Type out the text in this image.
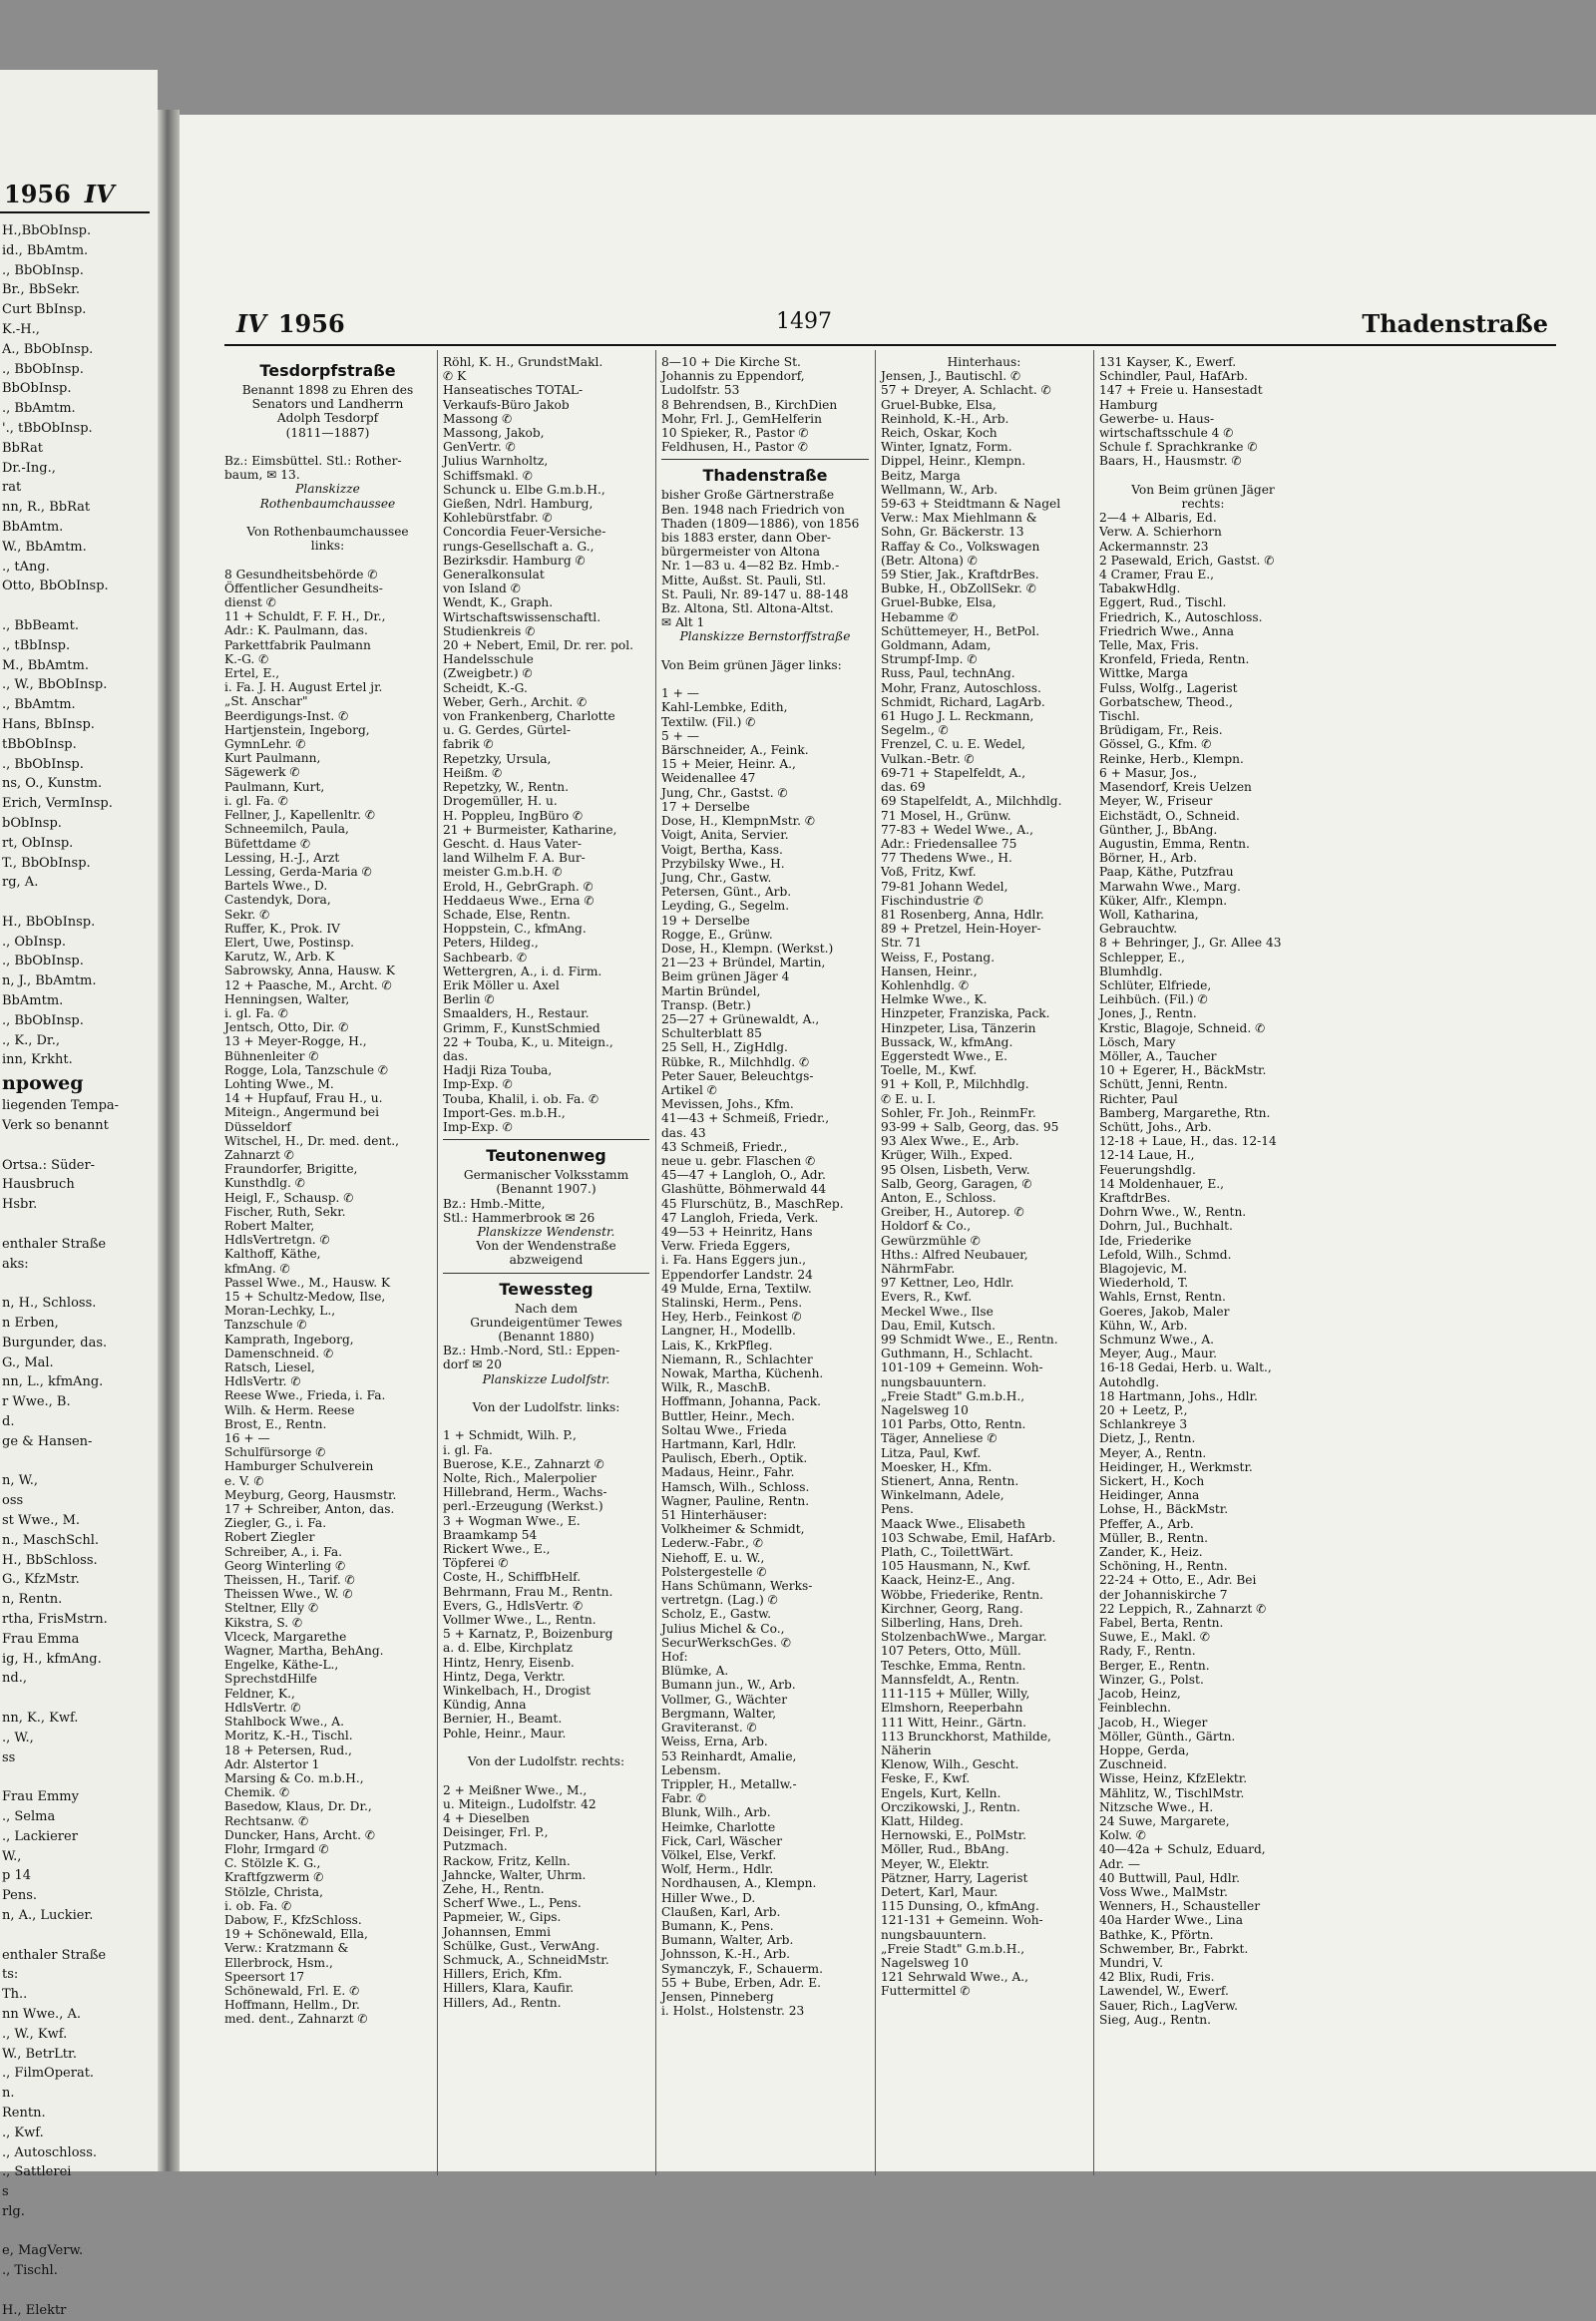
1956 IV
H.,BbObInsp.
id., BbAmtm.
., BbObInsp.
Br., BbSekr.
Curt BbInsp.
K.-H.,
A., BbObInsp.
., BbObInsp.
BbObInsp.
., BbAmtm.
'., tBbObInsp.
BbRat
Dr.-Ing.,
rat
nn, R., BbRat
BbAmtm.
W., BbAmtm.
., tAng.
Otto, BbObInsp.

., BbBeamt.
., tBbInsp.
M., BbAmtm.
., W., BbObInsp.
., BbAmtm.
Hans, BbInsp.
tBbObInsp.
., BbObInsp.
ns, O., Kunstm.
Erich, VermInsp.
bObInsp.
rt, ObInsp.
T., BbObInsp.
rg, A.

H., BbObInsp.
., ObInsp.
., BbObInsp.
n, J., BbAmtm.
BbAmtm.
., BbObInsp.
., K., Dr.,
inn, Krkht.
npoweg
liegenden Tempa-
Verk so benannt

Ortsa.: Süder-
Hausbruch
Hsbr.

enthaler Straße
aks:

n, H., Schloss.
n Erben,
Burgunder, das.
G., Mal.
nn, L., kfmAng.
r Wwe., B.
d.
ge & Hansen-

n, W.,
oss
st Wwe., M.
n., MaschSchl.
H., BbSchloss.
G., KfzMstr.
n, Rentn.
rtha, FrisMstrn.
Frau Emma
ig, H., kfmAng.
nd.,

nn, K., Kwf.
., W.,
ss

Frau Emmy
., Selma
., Lackierer
W.,
p 14
Pens.
n, A., Luckier.

enthaler Straße
ts:
Th..
nn Wwe., A.
., W., Kwf.
W., BetrLtr.
., FilmOperat.
n.
Rentn.
., Kwf.
., Autoschloss.
., Sattlerei
s
rlg.

e, MagVerw.
., Tischl.

H., Elektr
IV 1956	1497	Thadenstraße
Tesdorpfstraße
Benannt 1898 zu Ehren des
Senators und Landherrn
Adolph Tesdorpf
(1811—1887)

Bz.: Eimsbüttel. Stl.: Rother-
baum, ✉ 13.
Planskizze
Rothenbaumchaussee

Von Rothenbaumchaussee
links:

8 Gesundheitsbehörde ✆
Öffentlicher Gesundheits-
dienst ✆
11 + Schuldt, F. F. H., Dr.,
Adr.: K. Paulmann, das.
Parkettfabrik Paulmann
K.-G. ✆
Ertel, E.,
i. Fa. J. H. August Ertel jr.
„St. Anschar"
Beerdigungs-Inst. ✆
Hartjenstein, Ingeborg,
GymnLehr. ✆
Kurt Paulmann,
Sägewerk ✆
Paulmann, Kurt,
i. gl. Fa. ✆
Fellner, J., Kapellenltr. ✆
Schneemilch, Paula,
Büfettdame ✆
Lessing, H.-J., Arzt
Lessing, Gerda-Maria ✆
Bartels Wwe., D.
Castendyk, Dora,
Sekr. ✆
Ruffer, K., Prok. IV
Elert, Uwe, Postinsp.
Karutz, W., Arb. K
Sabrowsky, Anna, Hausw. K
12 + Paasche, M., Archt. ✆
Henningsen, Walter,
i. gl. Fa. ✆
Jentsch, Otto, Dir. ✆
13 + Meyer-Rogge, H.,
Bühnenleiter ✆
Rogge, Lola, Tanzschule ✆
Lohting Wwe., M.
14 + Hupfauf, Frau H., u.
Miteign., Angermund bei
Düsseldorf
Witschel, H., Dr. med. dent.,
Zahnarzt ✆
Fraundorfer, Brigitte,
Kunsthdlg. ✆
Heigl, F., Schausp. ✆
Fischer, Ruth, Sekr.
Robert Malter,
HdlsVertretgn. ✆
Kalthoff, Käthe,
kfmAng. ✆
Passel Wwe., M., Hausw. K
15 + Schultz-Medow, Ilse,
Moran-Lechky, L.,
Tanzschule ✆
Kamprath, Ingeborg,
Damenschneid. ✆
Ratsch, Liesel,
HdlsVertr. ✆
Reese Wwe., Frieda, i. Fa.
Wilh. & Herm. Reese
Brost, E., Rentn.
16 + —
Schulfürsorge ✆
Hamburger Schulverein
e. V. ✆
Meyburg, Georg, Hausmstr.
17 + Schreiber, Anton, das.
Ziegler, G., i. Fa.
Robert Ziegler
Schreiber, A., i. Fa.
Georg Winterling ✆
Theissen, H., Tarif. ✆
Theissen Wwe., W. ✆
Steltner, Elly ✆
Kikstra, S. ✆
Vlceck, Margarethe
Wagner, Martha, BehAng.
Engelke, Käthe-L.,
SprechstdHilfe
Feldner, K.,
HdlsVertr. ✆
Stahlbock Wwe., A.
Moritz, K.-H., Tischl.
18 + Petersen, Rud.,
Adr. Alstertor 1
Marsing & Co. m.b.H.,
Chemik. ✆
Basedow, Klaus, Dr. Dr.,
Rechtsanw. ✆
Duncker, Hans, Archt. ✆
Flohr, Irmgard ✆
C. Stölzle K. G.,
Kraftfgzwerm ✆
Stölzle, Christa,
i. ob. Fa. ✆
Dabow, F., KfzSchloss.
19 + Schönewald, Ella,
Verw.: Kratzmann &
Ellerbrock, Hsm.,
Speersort 17
Schönewald, Frl. E. ✆
Hoffmann, Hellm., Dr.
med. dent., Zahnarzt ✆
Röhl, K. H., GrundstMakl.
✆ K
Hanseatisches TOTAL-
Verkaufs-Büro Jakob
Massong ✆
Massong, Jakob,
GenVertr. ✆
Julius Warnholtz,
Schiffsmakl. ✆
Schunck u. Elbe G.m.b.H.,
Gießen, Ndrl. Hamburg,
Kohlebürstfabr. ✆
Concordia Feuer-Versiche-
rungs-Gesellschaft a. G.,
Bezirksdir. Hamburg ✆
Generalkonsulat
von Island ✆
Wendt, K., Graph.
Wirtschaftswissenschaftl.
Studienkreis ✆
20 + Nebert, Emil, Dr. rer. pol.
Handelsschule
(Zweigbetr.) ✆
Scheidt, K.-G.
Weber, Gerh., Archit. ✆
von Frankenberg, Charlotte
u. G. Gerdes, Gürtel-
fabrik ✆
Repetzky, Ursula,
Heißm. ✆
Repetzky, W., Rentn.
Drogemüller, H. u.
H. Poppleu, IngBüro ✆
21 + Burmeister, Katharine,
Gescht. d. Haus Vater-
land Wilhelm F. A. Bur-
meister G.m.b.H. ✆
Erold, H., GebrGraph. ✆
Heddaeus Wwe., Erna ✆
Schade, Else, Rentn.
Hoppstein, C., kfmAng.
Peters, Hildeg.,
Sachbearb. ✆
Wettergren, A., i. d. Firm.
Erik Möller u. Axel
Berlin ✆
Smaalders, H., Restaur.
Grimm, F., KunstSchmied
22 + Touba, K., u. Miteign.,
das.
Hadji Riza Touba,
Imp-Exp. ✆
Touba, Khalil, i. ob. Fa. ✆
Import-Ges. m.b.H.,
Imp-Exp. ✆
Teutonenweg
Germanischer Volksstamm
(Benannt 1907.)
Bz.: Hmb.-Mitte,
Stl.: Hammerbrook ✉ 26
Planskizze Wendenstr.
Von der Wendenstraße
abzweigend
Tewessteg
Nach dem
Grundeigentümer Tewes
(Benannt 1880)
Bz.: Hmb.-Nord, Stl.: Eppen-
dorf ✉ 20
Planskizze Ludolfstr.

Von der Ludolfstr. links:

1 + Schmidt, Wilh. P.,
i. gl. Fa.
Buerose, K.E., Zahnarzt ✆
Nolte, Rich., Malerpolier
Hillebrand, Herm., Wachs-
perl.-Erzeugung (Werkst.)
3 + Wogman Wwe., E.
Braamkamp 54
Rickert Wwe., E.,
Töpferei ✆
Coste, H., SchiffbHelf.
Behrmann, Frau M., Rentn.
Evers, G., HdlsVertr. ✆
Vollmer Wwe., L., Rentn.
5 + Karnatz, P., Boizenburg
a. d. Elbe, Kirchplatz
Hintz, Henry, Eisenb.
Hintz, Dega, Verktr.
Winkelbach, H., Drogist
Kündig, Anna
Bernier, H., Beamt.
Pohle, Heinr., Maur.

Von der Ludolfstr. rechts:

2 + Meißner Wwe., M.,
u. Miteign., Ludolfstr. 42
4 + Dieselben
Deisinger, Frl. P.,
Putzmach.
Rackow, Fritz, Kelln.
Jahncke, Walter, Uhrm.
Zehe, H., Rentn.
Scherf Wwe., L., Pens.
Papmeier, W., Gips.
Johannsen, Emmi
Schülke, Gust., VerwAng.
Schmuck, A., SchneidMstr.
Hillers, Erich, Kfm.
Hillers, Klara, Kaufir.
Hillers, Ad., Rentn.
8—10 + Die Kirche St.
Johannis zu Eppendorf,
Ludolfstr. 53
8 Behrendsen, B., KirchDien
Mohr, Frl. J., GemHelferin
10 Spieker, R., Pastor ✆
Feldhusen, H., Pastor ✆
Thadenstraße
bisher Große Gärtnerstraße
Ben. 1948 nach Friedrich von
Thaden (1809—1886), von 1856
bis 1883 erster, dann Ober-
bürgermeister von Altona
Nr. 1—83 u. 4—82 Bz. Hmb.-
Mitte, Außst. St. Pauli, Stl.
St. Pauli, Nr. 89-147 u. 88-148
Bz. Altona, Stl. Altona-Altst.
✉ Alt 1
Planskizze Bernstorffstraße

Von Beim grünen Jäger links:

1 + —
Kahl-Lembke, Edith,
Textilw. (Fil.) ✆
5 + —
Bärschneider, A., Feink.
15 + Meier, Heinr. A.,
Weidenallee 47
Jung, Chr., Gastst. ✆
17 + Derselbe
Dose, H., KlempnMstr. ✆
Voigt, Anita, Servier.
Voigt, Bertha, Kass.
Przybilsky Wwe., H.
Jung, Chr., Gastw.
Petersen, Günt., Arb.
Leyding, G., Segelm.
19 + Derselbe
Rogge, E., Grünw.
Dose, H., Klempn. (Werkst.)
21—23 + Bründel, Martin,
Beim grünen Jäger 4
Martin Bründel,
Transp. (Betr.)
25—27 + Grünewaldt, A.,
Schulterblatt 85
25 Sell, H., ZigHdlg.
Rübke, R., Milchhdlg. ✆
Peter Sauer, Beleuchtgs-
Artikel ✆
Mevissen, Johs., Kfm.
41—43 + Schmeiß, Friedr.,
das. 43
43 Schmeiß, Friedr.,
neue u. gebr. Flaschen ✆
45—47 + Langloh, O., Adr.
Glashütte, Böhmerwald 44
45 Flurschütz, B., MaschRep.
47 Langloh, Frieda, Verk.
49—53 + Heinritz, Hans
Verw. Frieda Eggers,
i. Fa. Hans Eggers jun.,
Eppendorfer Landstr. 24
49 Mulde, Erna, Textilw.
Stalinski, Herm., Pens.
Hey, Herb., Feinkost ✆
Langner, H., Modellb.
Lais, K., KrkPfleg.
Niemann, R., Schlachter
Nowak, Martha, Küchenh.
Wilk, R., MaschB.
Hoffmann, Johanna, Pack.
Buttler, Heinr., Mech.
Soltau Wwe., Frieda
Hartmann, Karl, Hdlr.
Paulisch, Eberh., Optik.
Madaus, Heinr., Fahr.
Hamsch, Wilh., Schloss.
Wagner, Pauline, Rentn.
51 Hinterhäuser:
Volkheimer & Schmidt,
Lederw.-Fabr., ✆
Niehoff, E. u. W.,
Polstergestelle ✆
Hans Schümann, Werks-
vertretgn. (Lag.) ✆
Scholz, E., Gastw.
Julius Michel & Co.,
SecurWerkschGes. ✆
Hof:
Blümke, A.
Bumann jun., W., Arb.
Vollmer, G., Wächter
Bergmann, Walter,
Graviteranst. ✆
Weiss, Erna, Arb.
53 Reinhardt, Amalie,
Lebensm.
Trippler, H., Metallw.-
Fabr. ✆
Blunk, Wilh., Arb.
Heimke, Charlotte
Fick, Carl, Wäscher
Völkel, Else, Verkf.
Wolf, Herm., Hdlr.
Nordhausen, A., Klempn.
Hiller Wwe., D.
Claußen, Karl, Arb.
Bumann, K., Pens.
Bumann, Walter, Arb.
Johnsson, K.-H., Arb.
Symanczyk, F., Schauerm.
55 + Bube, Erben, Adr. E.
Jensen, Pinneberg
i. Holst., Holstenstr. 23
Hinterhaus:
Jensen, J., Bautischl. ✆
57 + Dreyer, A. Schlacht. ✆
Gruel-Bubke, Elsa,
Reinhold, K.-H., Arb.
Reich, Oskar, Koch
Winter, Ignatz, Form.
Dippel, Heinr., Klempn.
Beitz, Marga
Wellmann, W., Arb.
59-63 + Steidtmann & Nagel
Verw.: Max Miehlmann &
Sohn, Gr. Bäckerstr. 13
Raffay & Co., Volkswagen
(Betr. Altona) ✆
59 Stier, Jak., KraftdrBes.
Bubke, H., ObZollSekr. ✆
Gruel-Bubke, Elsa,
Hebamme ✆
Schüttemeyer, H., BetPol.
Goldmann, Adam,
Strumpf-Imp. ✆
Russ, Paul, technAng.
Mohr, Franz, Autoschloss.
Schmidt, Richard, LagArb.
61 Hugo J. L. Reckmann,
Segelm., ✆
Frenzel, C. u. E. Wedel,
Vulkan.-Betr. ✆
69-71 + Stapelfeldt, A.,
das. 69
69 Stapelfeldt, A., Milchhdlg.
71 Mosel, H., Grünw.
77-83 + Wedel Wwe., A.,
Adr.: Friedensallee 75
77 Thedens Wwe., H.
Voß, Fritz, Kwf.
79-81 Johann Wedel,
Fischindustrie ✆
81 Rosenberg, Anna, Hdlr.
89 + Pretzel, Hein-Hoyer-
Str. 71
Weiss, F., Postang.
Hansen, Heinr.,
Kohlenhdlg. ✆
Helmke Wwe., K.
Hinzpeter, Franziska, Pack.
Hinzpeter, Lisa, Tänzerin
Bussack, W., kfmAng.
Eggerstedt Wwe., E.
Toelle, M., Kwf.
91 + Koll, P., Milchhdlg.
✆ E. u. I.
Sohler, Fr. Joh., ReinmFr.
93-99 + Salb, Georg, das. 95
93 Alex Wwe., E., Arb.
Krüger, Wilh., Exped.
95 Olsen, Lisbeth, Verw.
Salb, Georg, Garagen, ✆
Anton, E., Schloss.
Greiber, H., Autorep. ✆
Holdorf & Co.,
Gewürzmühle ✆
Hths.: Alfred Neubauer,
NährmFabr.
97 Kettner, Leo, Hdlr.
Evers, R., Kwf.
Meckel Wwe., Ilse
Dau, Emil, Kutsch.
99 Schmidt Wwe., E., Rentn.
Guthmann, H., Schlacht.
101-109 + Gemeinn. Woh-
nungsbauuntern.
„Freie Stadt" G.m.b.H.,
Nagelsweg 10
101 Parbs, Otto, Rentn.
Täger, Anneliese ✆
Litza, Paul, Kwf.
Moesker, H., Kfm.
Stienert, Anna, Rentn.
Winkelmann, Adele,
Pens.
Maack Wwe., Elisabeth
103 Schwabe, Emil, HafArb.
Plath, C., ToilettWärt.
105 Hausmann, N., Kwf.
Kaack, Heinz-E., Ang.
Wöbbe, Friederike, Rentn.
Kirchner, Georg, Rang.
Silberling, Hans, Dreh.
StolzenbachWwe., Margar.
107 Peters, Otto, Müll.
Teschke, Emma, Rentn.
Mannsfeldt, A., Rentn.
111-115 + Müller, Willy,
Elmshorn, Reeperbahn
111 Witt, Heinr., Gärtn.
113 Brunckhorst, Mathilde,
Näherin
Klenow, Wilh., Gescht.
Feske, F., Kwf.
Engels, Kurt, Kelln.
Orczikowski, J., Rentn.
Klatt, Hildeg.
Hernowski, E., PolMstr.
Möller, Rud., BbAng.
Meyer, W., Elektr.
Pätzner, Harry, Lagerist
Detert, Karl, Maur.
115 Dunsing, O., kfmAng.
121-131 + Gemeinn. Woh-
nungsbauuntern.
„Freie Stadt" G.m.b.H.,
Nagelsweg 10
121 Sehrwald Wwe., A.,
Futtermittel ✆
131 Kayser, K., Ewerf.
Schindler, Paul, HafArb.
147 + Freie u. Hansestadt
Hamburg
Gewerbe- u. Haus-
wirtschaftsschule 4 ✆
Schule f. Sprachkranke ✆
Baars, H., Hausmstr. ✆

Von Beim grünen Jäger
rechts:
2—4 + Albaris, Ed.
Verw. A. Schierhorn
Ackermannstr. 23
2 Pasewald, Erich, Gastst. ✆
4 Cramer, Frau E.,
TabakwHdlg.
Eggert, Rud., Tischl.
Friedrich, K., Autoschloss.
Friedrich Wwe., Anna
Telle, Max, Fris.
Kronfeld, Frieda, Rentn.
Wittke, Marga
Fulss, Wolfg., Lagerist
Gorbatschew, Theod.,
Tischl.
Brüdigam, Fr., Reis.
Gössel, G., Kfm. ✆
Reinke, Herb., Klempn.
6 + Masur, Jos.,
Masendorf, Kreis Uelzen
Meyer, W., Friseur
Eichstädt, O., Schneid.
Günther, J., BbAng.
Augustin, Emma, Rentn.
Börner, H., Arb.
Paap, Käthe, Putzfrau
Marwahn Wwe., Marg.
Küker, Alfr., Klempn.
Woll, Katharina,
Gebrauchtw.
8 + Behringer, J., Gr. Allee 43
Schlepper, E.,
Blumhdlg.
Schlüter, Elfriede,
Leihbüch. (Fil.) ✆
Jones, J., Rentn.
Krstic, Blagoje, Schneid. ✆
Lösch, Mary
Möller, A., Taucher
10 + Egerer, H., BäckMstr.
Schütt, Jenni, Rentn.
Richter, Paul
Bamberg, Margarethe, Rtn.
Schütt, Johs., Arb.
12-18 + Laue, H., das. 12-14
12-14 Laue, H.,
Feuerungshdlg.
14 Moldenhauer, E.,
KraftdrBes.
Dohrn Wwe., W., Rentn.
Dohrn, Jul., Buchhalt.
Ide, Friederike
Lefold, Wilh., Schmd.
Blagojevic, M.
Wiederhold, T.
Wahls, Ernst, Rentn.
Goeres, Jakob, Maler
Kühn, W., Arb.
Schmunz Wwe., A.
Meyer, Aug., Maur.
16-18 Gedai, Herb. u. Walt.,
Autohdlg.
18 Hartmann, Johs., Hdlr.
20 + Leetz, P.,
Schlankreye 3
Dietz, J., Rentn.
Meyer, A., Rentn.
Heidinger, H., Werkmstr.
Sickert, H., Koch
Heidinger, Anna
Lohse, H., BäckMstr.
Pfeffer, A., Arb.
Müller, B., Rentn.
Zander, K., Heiz.
Schöning, H., Rentn.
22-24 + Otto, E., Adr. Bei
der Johanniskirche 7
22 Leppich, R., Zahnarzt ✆
Fabel, Berta, Rentn.
Suwe, E., Makl. ✆
Rady, F., Rentn.
Berger, E., Rentn.
Winzer, G., Polst.
Jacob, Heinz,
Feinblechn.
Jacob, H., Wieger
Möller, Günth., Gärtn.
Hoppe, Gerda,
Zuschneid.
Wisse, Heinz, KfzElektr.
Mählitz, W., TischlMstr.
Nitzsche Wwe., H.
24 Suwe, Margarete,
Kolw. ✆
40—42a + Schulz, Eduard,
Adr. —
40 Buttwill, Paul, Hdlr.
Voss Wwe., MalMstr.
Wenners, H., Schausteller
40a Harder Wwe., Lina
Bathke, K., Pförtn.
Schwember, Br., Fabrkt.
Mundri, V.
42 Blix, Rudi, Fris.
Lawendel, W., Ewerf.
Sauer, Rich., LagVerw.
Sieg, Aug., Rentn.
